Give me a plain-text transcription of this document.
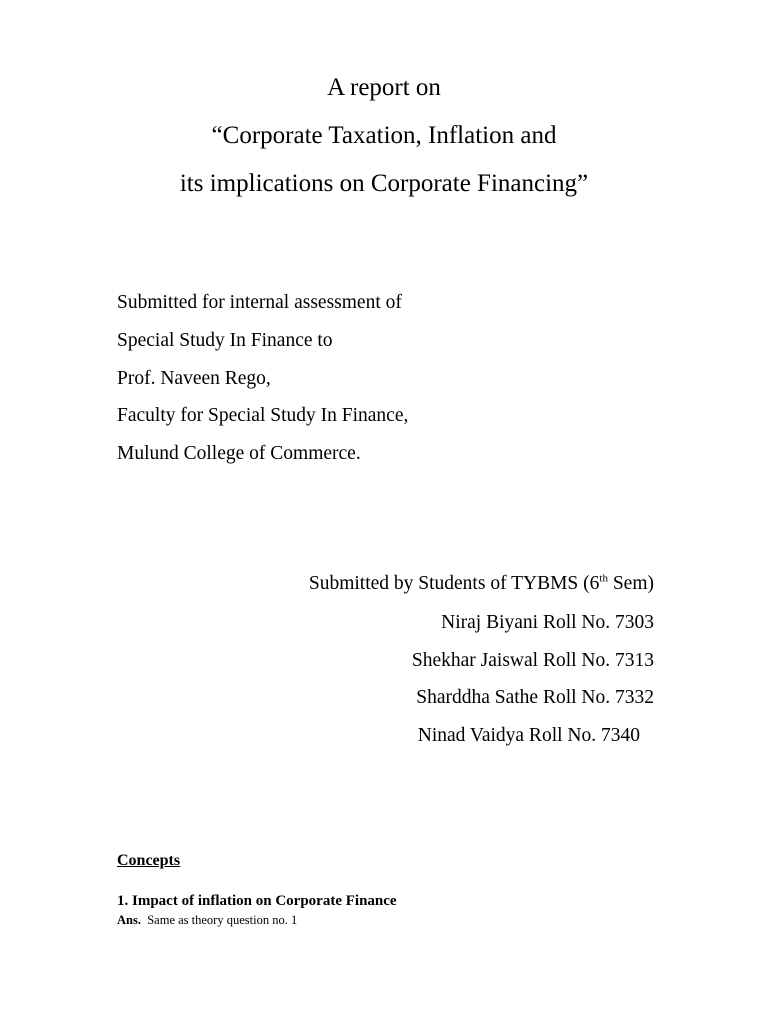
A report on
“Corporate Taxation, Inflation and
its implications on Corporate Financing”
Submitted for internal assessment of
Special Study In Finance to
Prof. Naveen Rego,
Faculty for Special Study In Finance,
Mulund College of Commerce.
Submitted by Students of TYBMS (6th Sem)
Niraj Biyani Roll No. 7303
Shekhar Jaiswal Roll No. 7313
Sharddha Sathe Roll No. 7332
Ninad Vaidya Roll No. 7340
Concepts
1. Impact of inflation on Corporate Finance
Ans. Same as theory question no. 1
